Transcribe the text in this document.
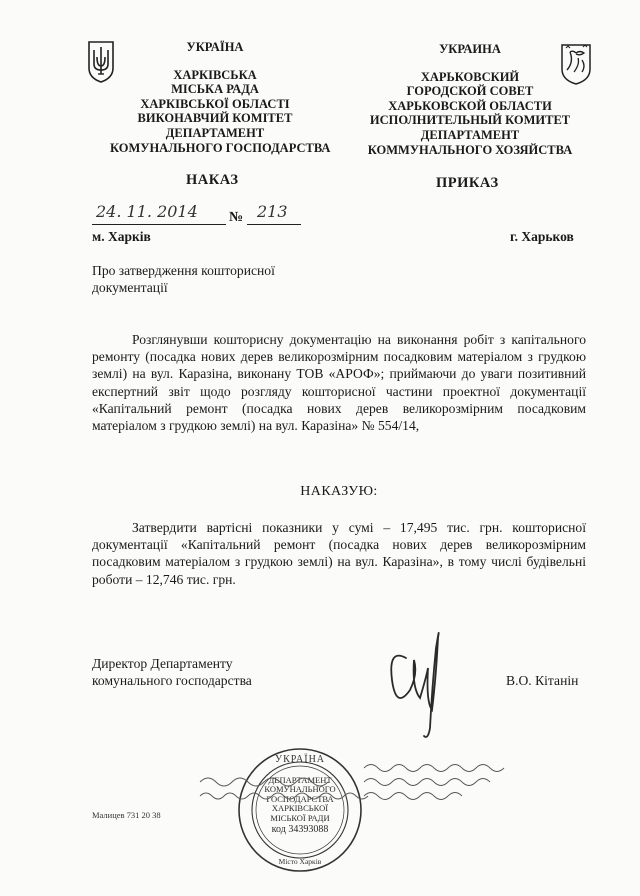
УКРАЇНА
ХАРКІВСЬКА
МІСЬКА РАДА
ХАРКІВСЬКОЇ ОБЛАСТІ
ВИКОНАВЧИЙ КОМІТЕТ
ДЕПАРТАМЕНТ
КОМУНАЛЬНОГО ГОСПОДАРСТВА
УКРАИНА
ХАРЬКОВСКИЙ
ГОРОДСКОЙ СОВЕТ
ХАРЬКОВСКОЙ ОБЛАСТИ
ИСПОЛНИТЕЛЬНЫЙ КОМИТЕТ
ДЕПАРТАМЕНТ
КОММУНАЛЬНОГО ХОЗЯЙСТВА
НАКАЗ	ПРИКАЗ
24. 11. 2014 № 213
м. Харків	г. Харьков
Про затвердження кошторисної
документації
Розглянувши кошторисну документацію на виконання робіт з капітального ремонту (посадка нових дерев великорозмірним посадковим матеріалом з грудкою землі) на вул. Каразіна, виконану ТОВ «АРОФ»; приймаючи до уваги позитивний експертний звіт щодо розгляду кошторисної частини проектної документації «Капітальний ремонт (посадка нових дерев великорозмірним посадковим матеріалом з грудкою землі) на вул. Каразіна» № 554/14,
НАКАЗУЮ:
Затвердити вартісні показники у сумі – 17,495 тис. грн. кошторисної документації «Капітальний ремонт (посадка нових дерев великорозмірним посадковим матеріалом з грудкою землі) на вул. Каразіна», в тому числі будівельні роботи – 12,746 тис. грн.
Директор Департаменту
комунального господарства	В.О. Кітанін
УКРАЇНА
ДЕПАРТАМЕНТ
КОМУНАЛЬНОГО
ГОСПОДАРСТВА
ХАРКІВСЬКОЇ
МІСЬКОЇ РАДИ
код 34393088
Місто Харків
Малицев 731 20 38
